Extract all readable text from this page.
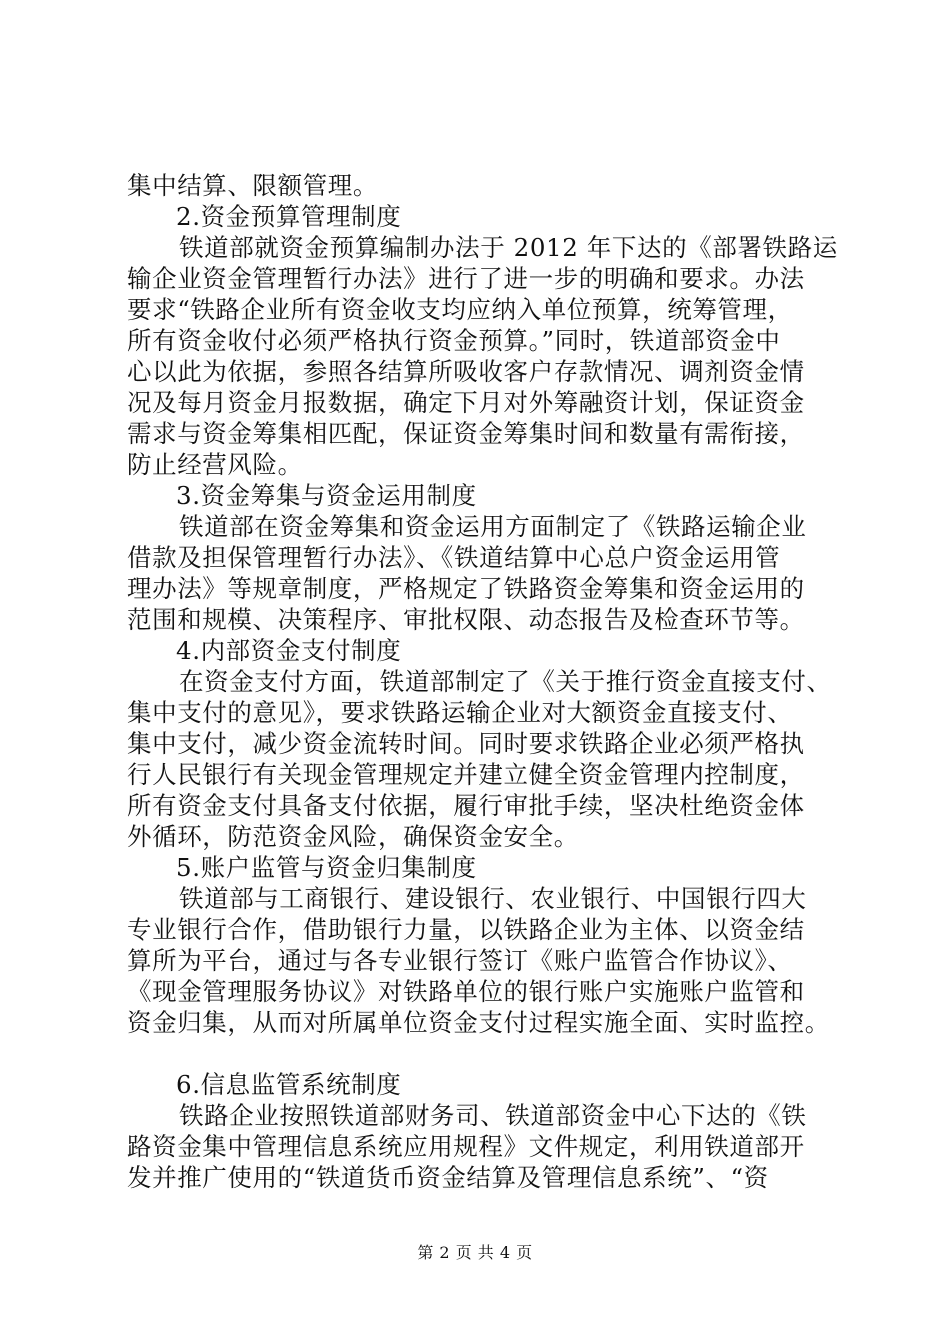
集中结算、限额管理。
2.资金预算管理制度
铁道部就资金预算编制办法于 2012 年下达的《部署铁路运
输企业资金管理暂行办法》进行了进一步的明确和要求。办法
要求“铁路企业所有资金收支均应纳入单位预算，统筹管理，
所有资金收付必须严格执行资金预算。”同时，铁道部资金中
心以此为依据，参照各结算所吸收客户存款情况、调剂资金情
况及每月资金月报数据，确定下月对外筹融资计划，保证资金
需求与资金筹集相匹配，保证资金筹集时间和数量有需衔接，
防止经营风险。
3.资金筹集与资金运用制度
铁道部在资金筹集和资金运用方面制定了《铁路运输企业
借款及担保管理暂行办法》、《铁道结算中心总户资金运用管
理办法》等规章制度，严格规定了铁路资金筹集和资金运用的
范围和规模、决策程序、审批权限、动态报告及检查环节等。
4.内部资金支付制度
在资金支付方面，铁道部制定了《关于推行资金直接支付、
集中支付的意见》，要求铁路运输企业对大额资金直接支付、
集中支付，减少资金流转时间。同时要求铁路企业必须严格执
行人民银行有关现金管理规定并建立健全资金管理内控制度，
所有资金支付具备支付依据，履行审批手续，坚决杜绝资金体
外循环，防范资金风险，确保资金安全。
5.账户监管与资金归集制度
铁道部与工商银行、建设银行、农业银行、中国银行四大
专业银行合作，借助银行力量，以铁路企业为主体、以资金结
算所为平台，通过与各专业银行签订《账户监管合作协议》、
《现金管理服务协议》对铁路单位的银行账户实施账户监管和
资金归集，从而对所属单位资金支付过程实施全面、实时监控。
6.信息监管系统制度
铁路企业按照铁道部财务司、铁道部资金中心下达的《铁
路资金集中管理信息系统应用规程》文件规定，利用铁道部开
发并推广使用的“铁道货币资金结算及管理信息系统”、“资
第 2 页 共 4 页
